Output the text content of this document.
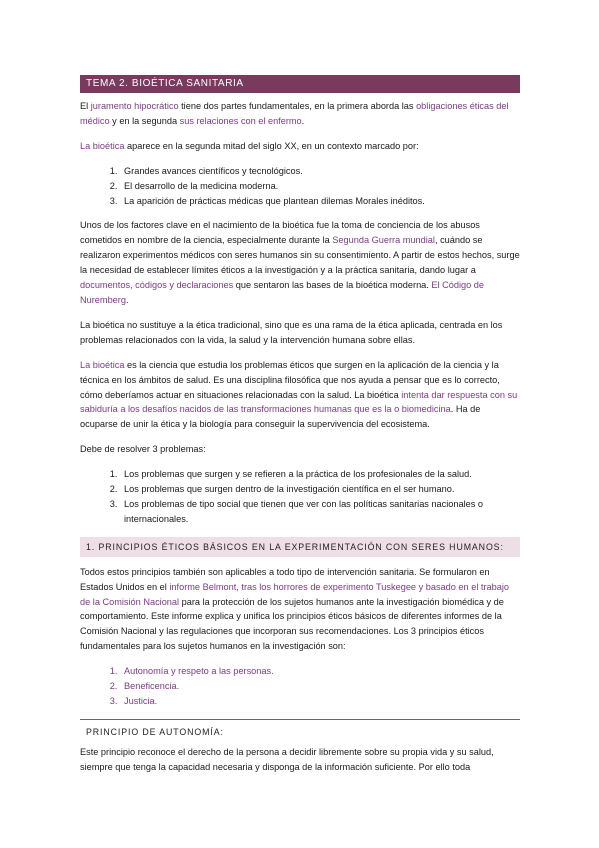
TEMA 2. BIOÉTICA SANITARIA

El juramento hipocrático tiene dos partes fundamentales, en la primera aborda las obligaciones éticas del médico y en la segunda sus relaciones con el enfermo.

La bioética aparece en la segunda mitad del siglo XX, en un contexto marcado por:

1. Grandes avances científicos y tecnológicos.
2. El desarrollo de la medicina moderna.
3. La aparición de prácticas médicas que plantean dilemas Morales inéditos.

Unos de los factores clave en el nacimiento de la bioética fue la toma de conciencia de los abusos cometidos en nombre de la ciencia, especialmente durante la Segunda Guerra mundial, cuándo se realizaron experimentos médicos con seres humanos sin su consentimiento. A partir de estos hechos, surge la necesidad de establecer límites éticos a la investigación y a la práctica sanitaria, dando lugar a documentos, códigos y declaraciones que sentaron las bases de la bioética moderna. El Código de Nuremberg.

La bioética no sustituye a la ética tradicional, sino que es una rama de la ética aplicada, centrada en los problemas relacionados con la vida, la salud y la intervención humana sobre ellas.

La bioética es la ciencia que estudia los problemas éticos que surgen en la aplicación de la ciencia y la técnica en los ámbitos de salud. Es una disciplina filosófica que nos ayuda a pensar que es lo correcto, cómo deberíamos actuar en situaciones relacionadas con la salud. La bioética intenta dar respuesta con su sabiduría a los desafíos nacidos de las transformaciones humanas que es la o biomedicina. Ha de ocuparse de unir la ética y la biología para conseguir la supervivencia del ecosistema.

Debe de resolver 3 problemas:

1. Los problemas que surgen y se refieren a la práctica de los profesionales de la salud.
2. Los problemas que surgen dentro de la investigación científica en el ser humano.
3. Los problemas de tipo social que tienen que ver con las políticas sanitarias nacionales o internacionales.
1. PRINCIPIOS ÉTICOS BÁSICOS EN LA EXPERIMENTACIÓN CON SERES HUMANOS:

Todos estos principios también son aplicables a todo tipo de intervención sanitaria. Se formularon en Estados Unidos en el informe Belmont, tras los horrores de experimento Tuskegee y basado en el trabajo de la Comisión Nacional para la protección de los sujetos humanos ante la investigación biomédica y de comportamiento. Este informe explica y unifica los principios éticos básicos de diferentes informes de la Comisión Nacional y las regulaciones que incorporan sus recomendaciones. Los 3 principios éticos fundamentales para los sujetos humanos en la investigación son:

1. Autonomía y respeto a las personas.
2. Beneficencia.
3. Justicia.
PRINCIPIO DE AUTONOMÍA:

Este principio reconoce el derecho de la persona a decidir libremente sobre su propia vida y su salud, siempre que tenga la capacidad necesaria y disponga de la información suficiente. Por ello toda
